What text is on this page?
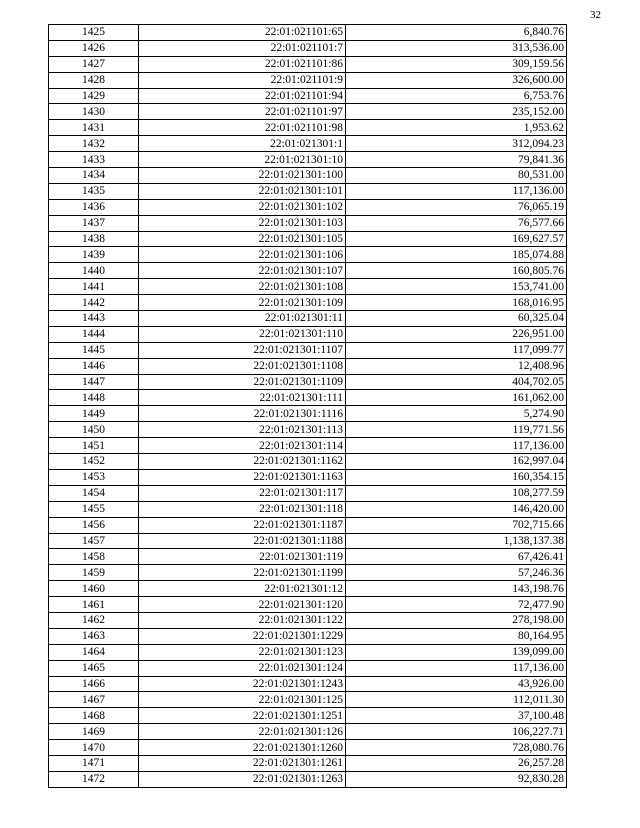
32
1425	22:01:021101:65	6,840.76
1426	22:01:021101:7	313,536.00
1427	22:01:021101:86	309,159.56
1428	22:01:021101:9	326,600.00
1429	22:01:021101:94	6,753.76
1430	22:01:021101:97	235,152.00
1431	22:01:021101:98	1,953.62
1432	22:01:021301:1	312,094.23
1433	22:01:021301:10	79,841.36
1434	22:01:021301:100	80,531.00
1435	22:01:021301:101	117,136.00
1436	22:01:021301:102	76,065.19
1437	22:01:021301:103	76,577.66
1438	22:01:021301:105	169,627.57
1439	22:01:021301:106	185,074.88
1440	22:01:021301:107	160,805.76
1441	22:01:021301:108	153,741.00
1442	22:01:021301:109	168,016.95
1443	22:01:021301:11	60,325.04
1444	22:01:021301:110	226,951.00
1445	22:01:021301:1107	117,099.77
1446	22:01:021301:1108	12,408.96
1447	22:01:021301:1109	404,702.05
1448	22:01:021301:111	161,062.00
1449	22:01:021301:1116	5,274.90
1450	22:01:021301:113	119,771.56
1451	22:01:021301:114	117,136.00
1452	22:01:021301:1162	162,997.04
1453	22:01:021301:1163	160,354.15
1454	22:01:021301:117	108,277.59
1455	22:01:021301:118	146,420.00
1456	22:01:021301:1187	702,715.66
1457	22:01:021301:1188	1,138,137.38
1458	22:01:021301:119	67,426.41
1459	22:01:021301:1199	57,246.36
1460	22:01:021301:12	143,198.76
1461	22:01:021301:120	72,477.90
1462	22:01:021301:122	278,198.00
1463	22:01:021301:1229	80,164.95
1464	22:01:021301:123	139,099.00
1465	22:01:021301:124	117,136.00
1466	22:01:021301:1243	43,926.00
1467	22:01:021301:125	112,011.30
1468	22:01:021301:1251	37,100.48
1469	22:01:021301:126	106,227.71
1470	22:01:021301:1260	728,080.76
1471	22:01:021301:1261	26,257.28
1472	22:01:021301:1263	92,830.28
